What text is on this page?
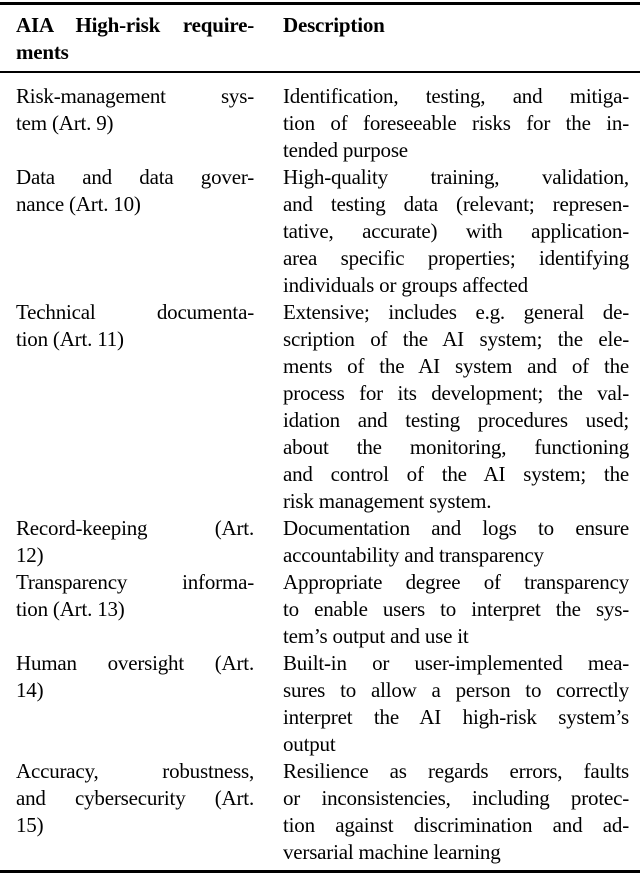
AIA High-risk require-
ments
Description
Risk-management sys-
tem (Art. 9)
Identification, testing, and mitiga-
tion of foreseeable risks for the in-
tended purpose
Data and data gover-
nance (Art. 10)
High-quality training, validation,
and testing data (relevant; represen-
tative, accurate) with application-
area specific properties; identifying
individuals or groups affected
Technical documenta-
tion (Art. 11)
Extensive; includes e.g. general de-
scription of the AI system; the ele-
ments of the AI system and of the
process for its development; the val-
idation and testing procedures used;
about the monitoring, functioning
and control of the AI system; the
risk management system.
Record-keeping (Art.
12)
Documentation and logs to ensure
accountability and transparency
Transparency informa-
tion (Art. 13)
Appropriate degree of transparency
to enable users to interpret the sys-
tem’s output and use it
Human oversight (Art.
14)
Built-in or user-implemented mea-
sures to allow a person to correctly
interpret the AI high-risk system’s
output
Accuracy, robustness,
and cybersecurity (Art.
15)
Resilience as regards errors, faults
or inconsistencies, including protec-
tion against discrimination and ad-
versarial machine learning
